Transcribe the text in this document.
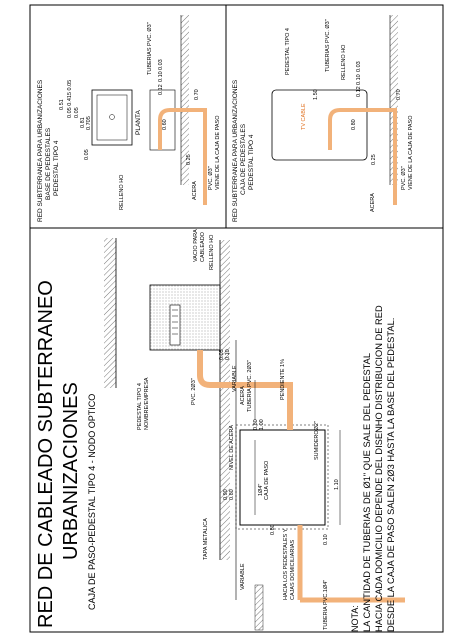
RED DE CABLEADO SUBTERRANEO URBANIZACIONES CAJA DE PASO-PEDESTAL TIPO 4 - NODO OPTICO
VACIO PARA CABLEADO RELLENO HO
PEDESTAL TIPO 4 NOMBRE/EMPRESA	PVC. 2Ø3"	VARIABLE TUBERIA PVC. 2Ø3"
NIVEL DE ACERA
ACERA	PENDIENTE 1%
1Ø4" CAJA DE PASO
SUMIDEROØ2"
TAPA METALICA	HACIA LOS PEDESTALES Y CAJAS DOMICILIARIAS
TUBERIA PVC.1Ø4"
VARIABLE
0.05 0.10
0.80 1.00
0.90 0.80
1.10
0.80
0.10
NOTA: LA CANTIDAD DE TUBERIAS DE Ø1" QUE SALE DEL PEDESTAL HACIA CADA DOMICILIO DEPENDE DEL DISENHO DISTRIBUCION DE RED DESDE LA CAJA DE PASO SALEN 2Ø3 HASTA LA BASE DEL PEDESTAL.
RED SUBTERRANEA PARA URBANIZACIONES BASE DE PEDESTALES PEDESTAL TIPO 4
0.05 0.415 0.05
0.51
0.05
0.81 0.705
0.05
PLANTA
RELLENO HO
TUBERIAS PVC. Ø3" 0.03
0.12
0.10
0.60
0.70
0.25
ACERA
PVC. Ø3" VIENE DE LA CAJA DE PASO RED SUBTERRANEA PARA URBANIZACIONES CAJA DE PEDESTALES PEDESTAL TIPO 4
TV CABLE
PEDESTAL TIPO 4	TUBERIAS PVC. Ø3" RELLENO HO
1.50
0.03
0.10
0.12
0.80
0.70
0.25
ACERA
PVC. Ø3" VIENE DE LA CAJA DE PASO
